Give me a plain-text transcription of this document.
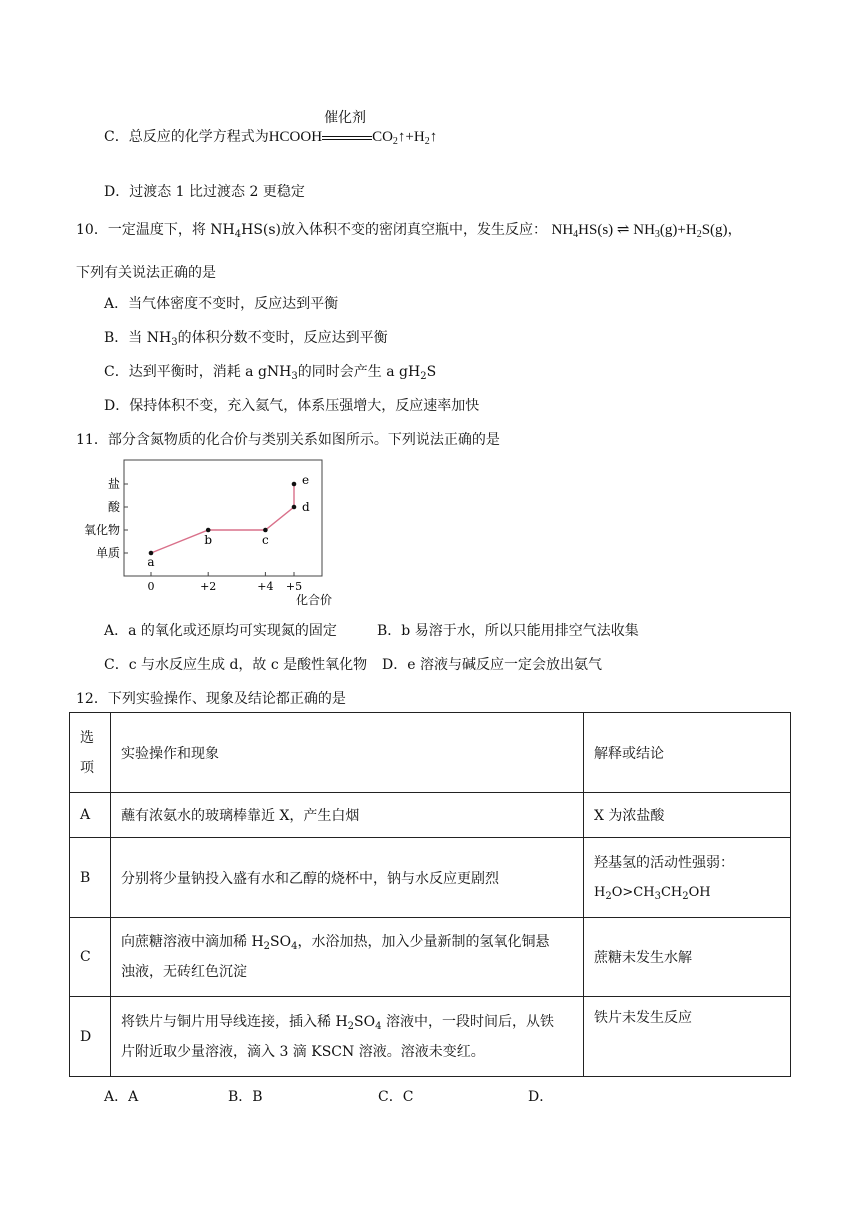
C．总反应的化学方程式为HCOOH
催化剂
$CO_2↑+H_2↑$
D．过渡态 1 比过渡态 2 更稳定
10．一定温度下，将 $NH_4HS(s)$放入体积不变的密闭真空瓶中，发生反应： $NH_4HS(s)$ ⇌ $NH_3(g)+H_2S(g)$，
下列有关说法正确的是
A．当气体密度不变时，反应达到平衡
B．当 $NH_3$的体积分数不变时，反应达到平衡
C．达到平衡时，消耗 a gNH$_3$的同时会产生 a $gH_2S$
D．保持体积不变，充入氦气，体系压强增大，反应速率加快
11．部分含氮物质的化合价与类别关系如图所示。下列说法正确的是
单质
氧化物
酸
盐
0	+2	+4 +5
a
b	c
d
e
化合价
A．a 的氧化或还原均可实现氮的固定	B．b 易溶于水，所以只能用排空气法收集
C．c 与水反应生成 d，故 c 是酸性氧化物 D．e 溶液与碱反应一定会放出氨气
12．下列实验操作、现象及结论都正确的是
选
项	实验操作和现象	解释或结论
A	蘸有浓氨水的玻璃棒靠近 X，产生白烟	X 为浓盐酸
B	分别将少量钠投入盛有水和乙醇的烧杯中，钠与水反应更剧烈	羟基氢的活动性强弱：
$H_2O>CH_3CH_2OH$

C	向蔗糖溶液中滴加稀 $H_2SO_4$，水浴加热，加入少量新制的氢氧化铜悬
浊液，无砖红色沉淀	蔗糖未发生水解
D	将铁片与铜片用导线连接，插入稀 $H_2SO_4$ 溶液中，一段时间后，从铁
片附近取少量溶液，滴入 3 滴 KSCN 溶液。溶液未变红。	铁片未发生反应
A．A	B．B	C．C	D．
